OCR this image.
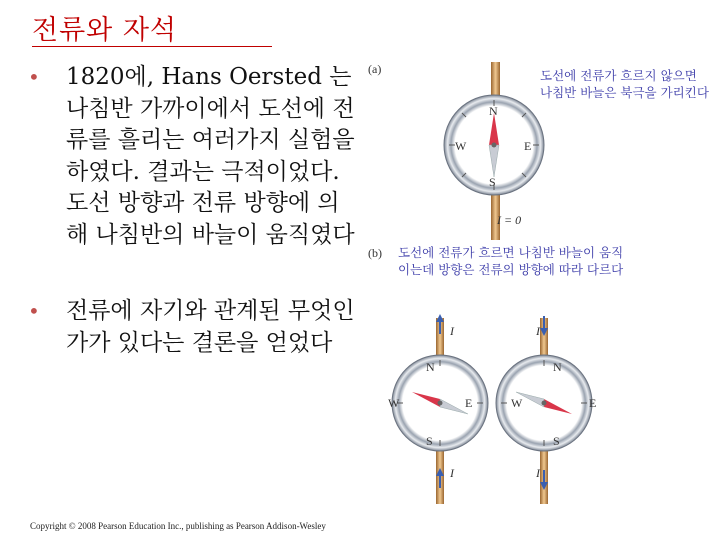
전류와 자석
• 1820에, Hans Oersted 는 나침반 가까이에서 도선에 전류를 흘리는 여러가지 실험을 하였다. 결과는 극적이었다. 도선 방향과 전류 방향에 의해 나침반의 바늘이 움직였다
• 전류에 자기와 관계된 무엇인가가 있다는 결론을 얻었다
(a)
(b)
I = 0
I
I
I
I
N
S
W	E
N
S
W	E
N
S
W	E
도선에 전류가 흐르지 않으면 나침반 바늘은 북극을 가리킨다
도선에 전류가 흐르면 나침반 바늘이 움직이는데 방향은 전류의 방향에 따라 다르다
Copyright © 2008 Pearson Education Inc., publishing as Pearson Addison-Wesley
